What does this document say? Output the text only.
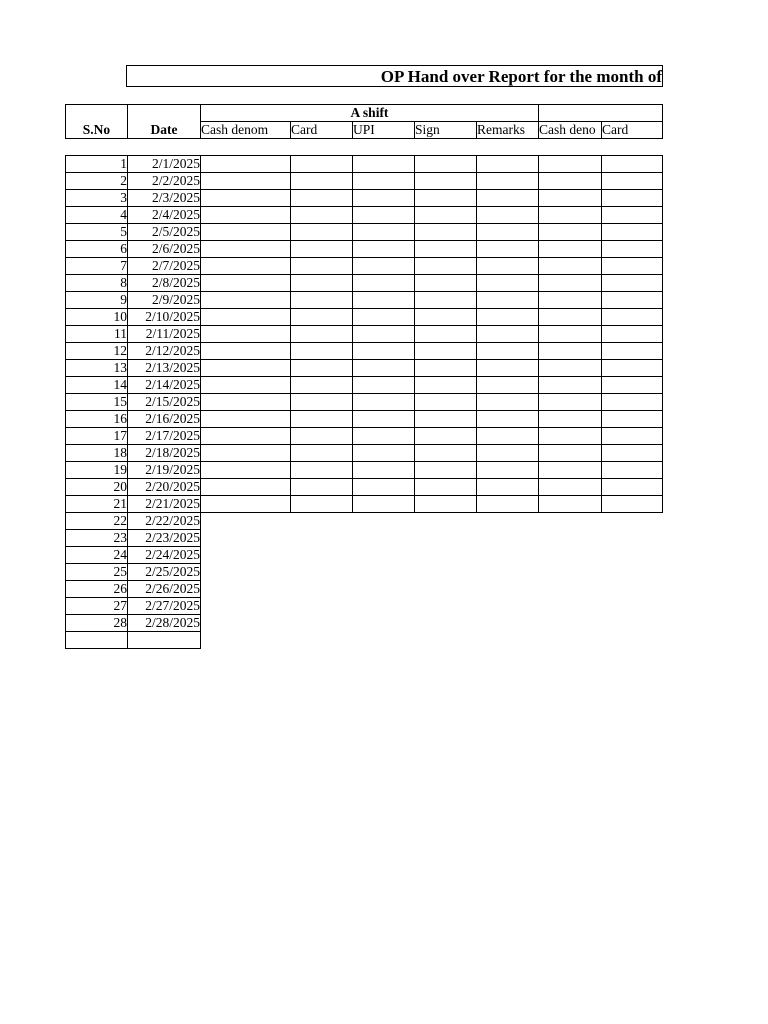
OP Hand over Report for the month of
		A shift						
S.No	Date	Cash denom	Card	UPI	Sign	Remarks	Cash deno	Card

1	2/1/2025							
2	2/2/2025							
3	2/3/2025							
4	2/4/2025							
5	2/5/2025							
6	2/6/2025							
7	2/7/2025							
8	2/8/2025							
9	2/9/2025							
10	2/10/2025							
11	2/11/2025							
12	2/12/2025							
13	2/13/2025							
14	2/14/2025							
15	2/15/2025							
16	2/16/2025							
17	2/17/2025							
18	2/18/2025							
19	2/19/2025							
20	2/20/2025							
21	2/21/2025							
22	2/22/2025							
23	2/23/2025							
24	2/24/2025							
25	2/25/2025							
26	2/26/2025							
27	2/27/2025							
28	2/28/2025							
